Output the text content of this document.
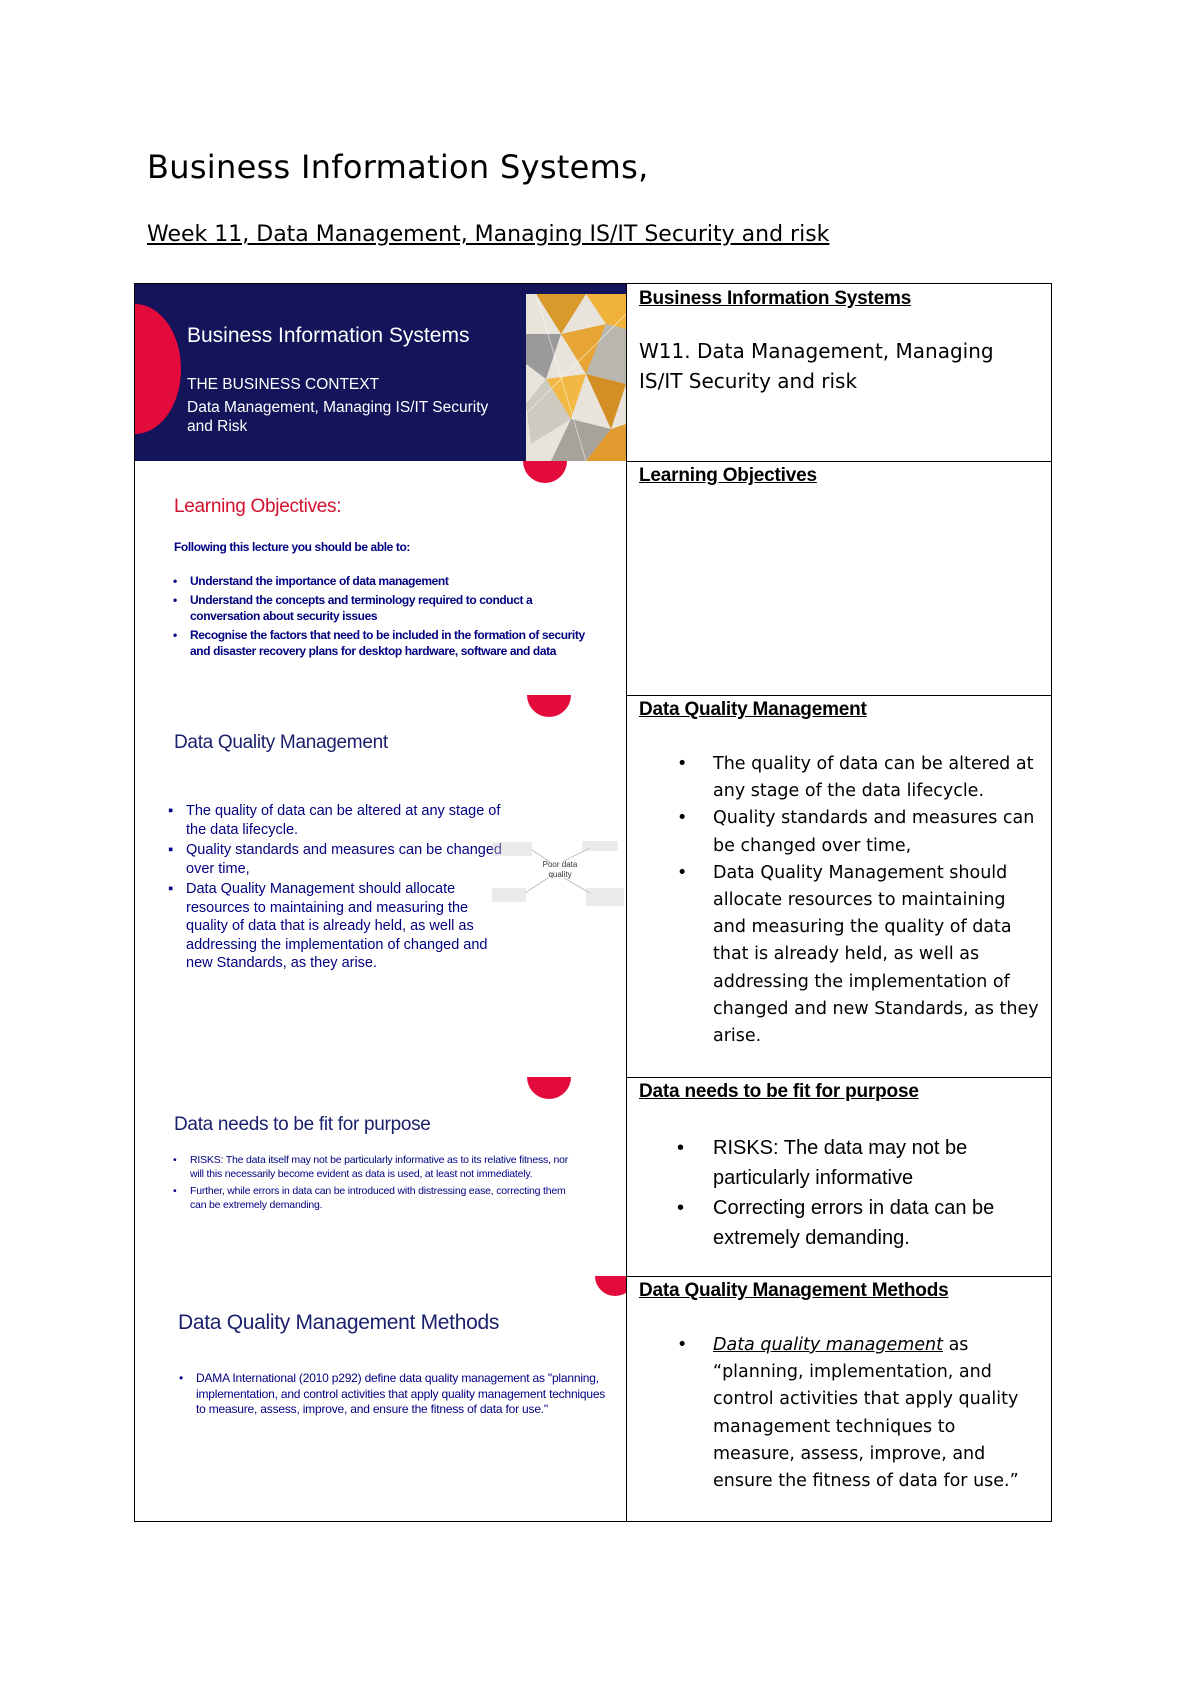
Business Information Systems,
Week 11, Data Management, Managing IS/IT Security and risk
Business Information Systems
THE BUSINESS CONTEXT
Data Management, Managing IS/IT Security and Risk
Business Information Systems

W11. Data Management, Managing IS/IT Security and risk

Learning Objectives:
Following this lecture you should be able to:
• Understand the importance of data management
• Understand the concepts and terminology required to conduct a conversation about security issues
• Recognise the factors that need to be included in the formation of security and disaster recovery plans for desktop hardware, software and data
Learning Objectives
Data Quality Management
▪ The quality of data can be altered at any stage of the data lifecycle.
▪ Quality standards and measures can be changed over time,
▪ Data Quality Management should allocate resources to maintaining and measuring the quality of data that is already held, as well as addressing the implementation of changed and new Standards, as they arise.
Poor data quality
Data Quality Management
• The quality of data can be altered at any stage of the data lifecycle.
• Quality standards and measures can be changed over time,
• Data Quality Management should allocate resources to maintaining and measuring the quality of data that is already held, as well as addressing the implementation of changed and new Standards, as they arise.
Data needs to be fit for purpose
• RISKS: The data itself may not be particularly informative as to its relative fitness, nor will this necessarily become evident as data is used, at least not immediately.
• Further, while errors in data can be introduced with distressing ease, correcting them can be extremely demanding.
Data needs to be fit for purpose
• RISKS: The data may not be particularly informative
• Correcting errors in data can be extremely demanding.
Data Quality Management Methods
• DAMA International (2010 p292) define data quality management as "planning, implementation, and control activities that apply quality management techniques to measure, assess, improve, and ensure the fitness of data for use."
Data Quality Management Methods
• Data quality management as “planning, implementation, and control activities that apply quality management techniques to measure, assess, improve, and ensure the fitness of data for use.”
